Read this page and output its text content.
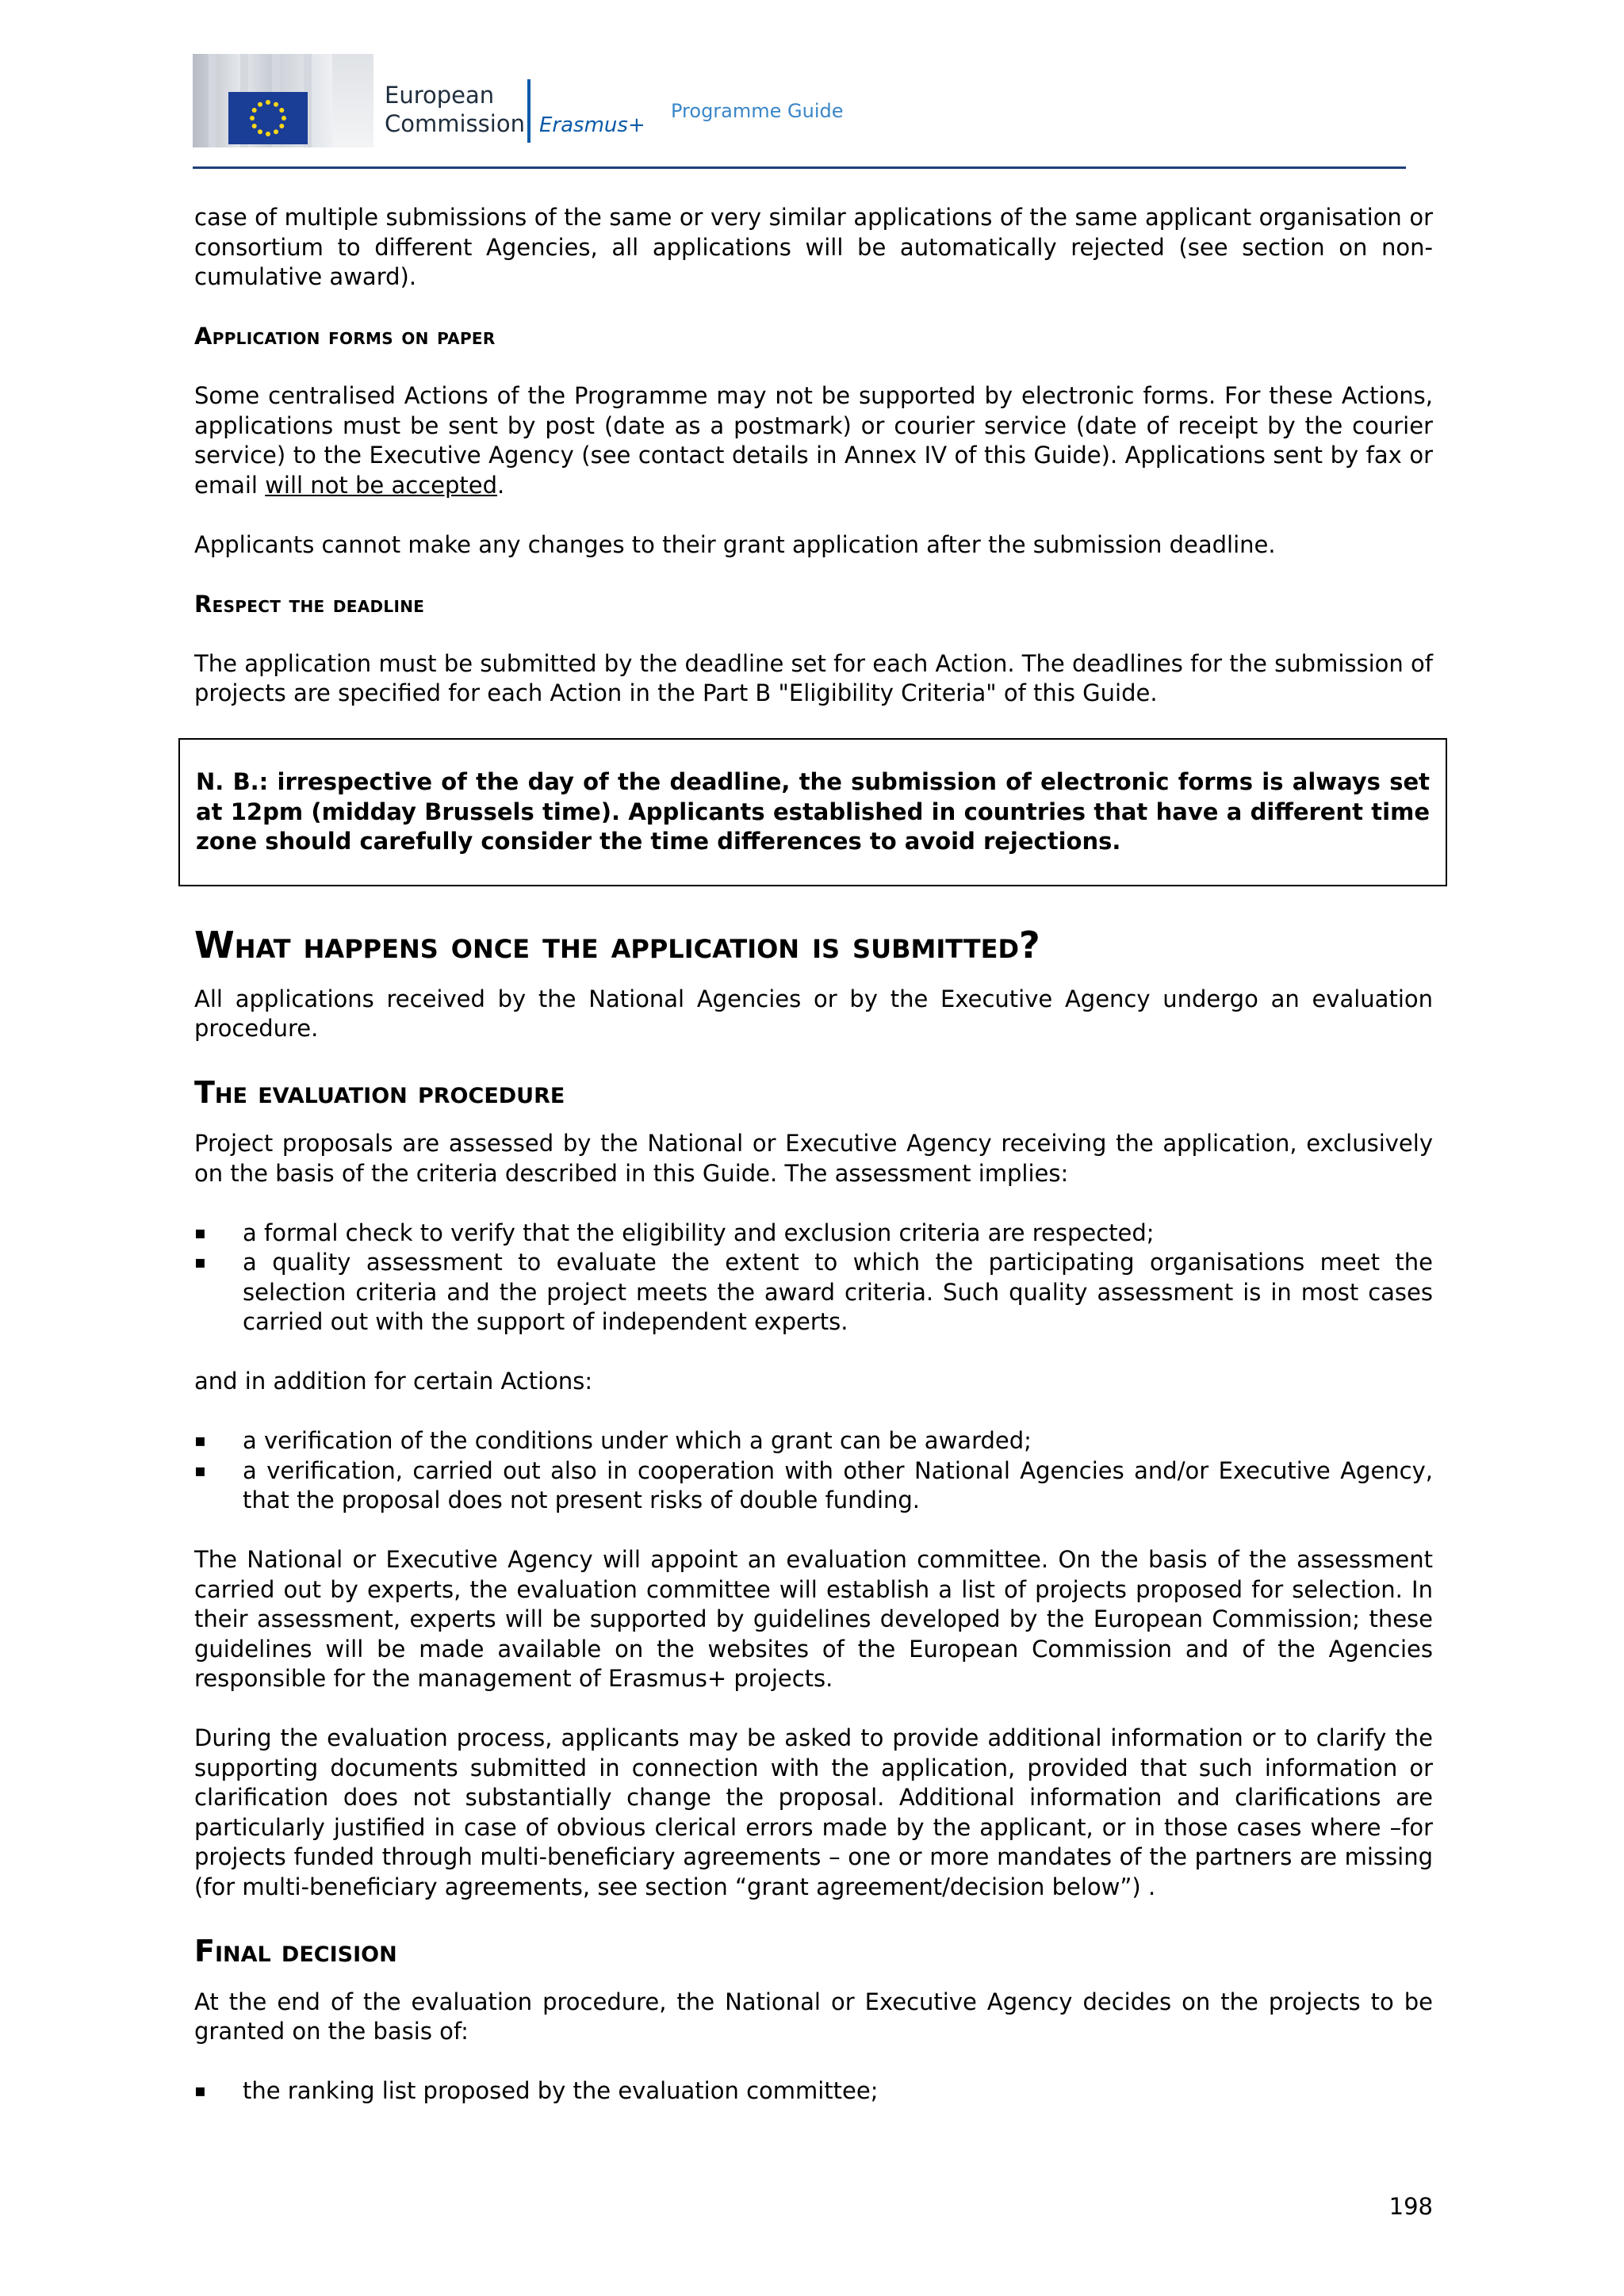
European
Commission Erasmus+
Programme Guide

case of multiple submissions of the same or very similar applications of the same applicant organisation or consortium to different Agencies, all applications will be automatically rejected (see section on non-cumulative award).

Application forms on paper

Some centralised Actions of the Programme may not be supported by electronic forms. For these Actions, applications must be sent by post (date as a postmark) or courier service (date of receipt by the courier service) to the Executive Agency (see contact details in Annex IV of this Guide). Applications sent by fax or email will not be accepted.

Applicants cannot make any changes to their grant application after the submission deadline.

Respect the deadline

The application must be submitted by the deadline set for each Action. The deadlines for the submission of projects are specified for each Action in the Part B "Eligibility Criteria" of this Guide.

N. B.: irrespective of the day of the deadline, the submission of electronic forms is always set at 12pm (midday Brussels time). Applicants established in countries that have a different time zone should carefully consider the time differences to avoid rejections.

What happens once the application is submitted?

All applications received by the National Agencies or by the Executive Agency undergo an evaluation procedure.

The evaluation procedure

Project proposals are assessed by the National or Executive Agency receiving the application, exclusively on the basis of the criteria described in this Guide. The assessment implies:

▪ a formal check to verify that the eligibility and exclusion criteria are respected;
▪ a quality assessment to evaluate the extent to which the participating organisations meet the selection criteria and the project meets the award criteria. Such quality assessment is in most cases carried out with the support of independent experts.

and in addition for certain Actions:

▪ a verification of the conditions under which a grant can be awarded;
▪ a verification, carried out also in cooperation with other National Agencies and/or Executive Agency, that the proposal does not present risks of double funding.

The National or Executive Agency will appoint an evaluation committee. On the basis of the assessment carried out by experts, the evaluation committee will establish a list of projects proposed for selection. In their assessment, experts will be supported by guidelines developed by the European Commission; these guidelines will be made available on the websites of the European Commission and of the Agencies responsible for the management of Erasmus+ projects.

During the evaluation process, applicants may be asked to provide additional information or to clarify the supporting documents submitted in connection with the application, provided that such information or clarification does not substantially change the proposal. Additional information and clarifications are particularly justified in case of obvious clerical errors made by the applicant, or in those cases where –for projects funded through multi-beneficiary agreements – one or more mandates of the partners are missing (for multi-beneficiary agreements, see section “grant agreement/decision below”) .

Final decision

At the end of the evaluation procedure, the National or Executive Agency decides on the projects to be granted on the basis of:

▪ the ranking list proposed by the evaluation committee;
198
